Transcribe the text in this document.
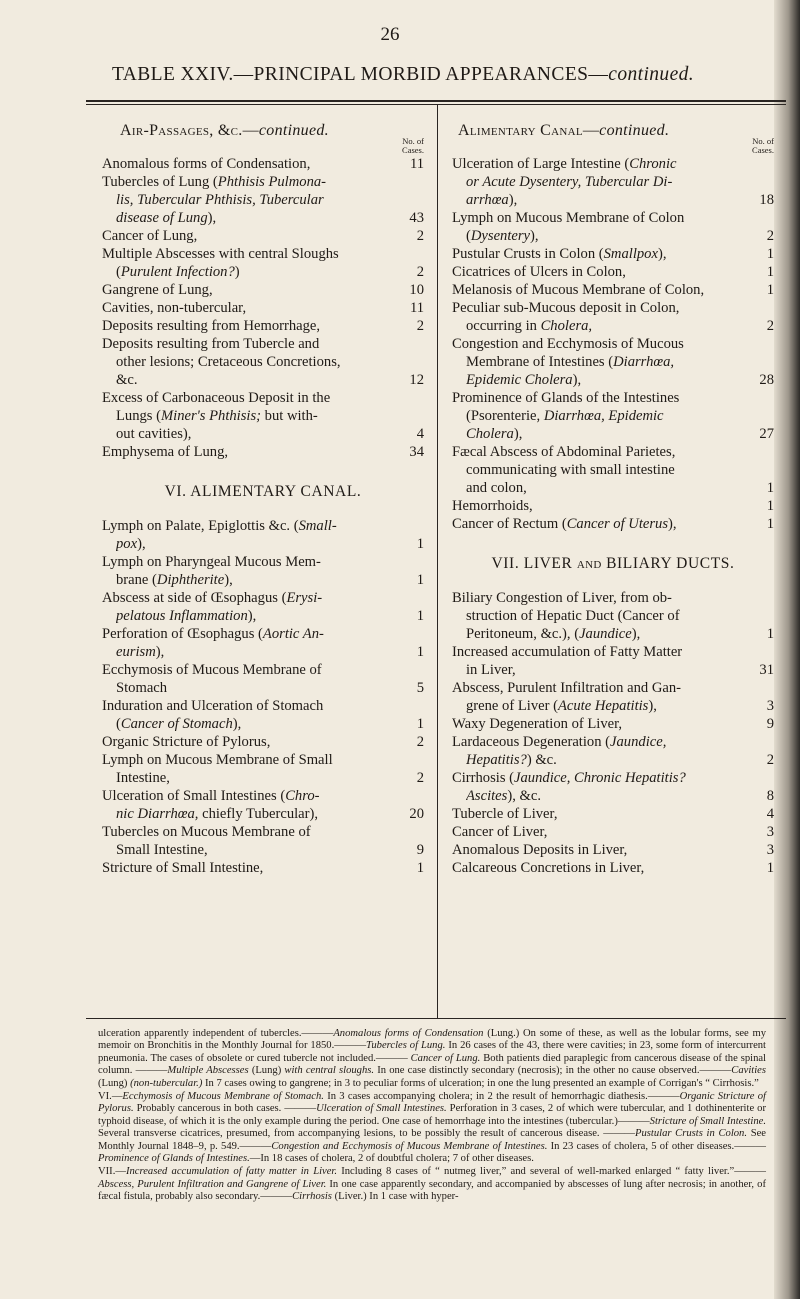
26
TABLE XXIV.—PRINCIPAL MORBID APPEARANCES—continued.
Air-Passages, &c.—continued.
No. of
Cases.
Anomalous forms of Condensation,	11
Tubercles of Lung (Phthisis Pulmona-
lis, Tubercular Phthisis, Tubercular
disease of Lung),	43
Cancer of Lung,	2
Multiple Abscesses with central Sloughs
(Purulent Infection?)	2
Gangrene of Lung,	10
Cavities, non-tubercular,	11
Deposits resulting from Hemorrhage,	2
Deposits resulting from Tubercle and
other lesions; Cretaceous Concretions,
&c.	12
Excess of Carbonaceous Deposit in the
Lungs (Miner's Phthisis; but with-
out cavities),	4
Emphysema of Lung,	34
VI. ALIMENTARY CANAL.
Lymph on Palate, Epiglottis &c. (Small-
pox),	1
Lymph on Pharyngeal Mucous Mem-
brane (Diphtherite),	1
Abscess at side of Œsophagus (Erysi-
pelatous Inflammation),	1
Perforation of Œsophagus (Aortic An-
eurism),	1
Ecchymosis of Mucous Membrane of
Stomach	5
Induration and Ulceration of Stomach
(Cancer of Stomach),	1
Organic Stricture of Pylorus,	2
Lymph on Mucous Membrane of Small
Intestine,	2
Ulceration of Small Intestines (Chro-
nic Diarrhœa, chiefly Tubercular),	20
Tubercles on Mucous Membrane of
Small Intestine,	9
Stricture of Small Intestine,	1
Alimentary Canal—continued.
No. of
Cases.
Ulceration of Large Intestine (Chronic
or Acute Dysentery, Tubercular Di-
arrhœa),	18
Lymph on Mucous Membrane of Colon
(Dysentery),	2
Pustular Crusts in Colon (Smallpox),	1
Cicatrices of Ulcers in Colon,	1
Melanosis of Mucous Membrane of Colon,	1
Peculiar sub-Mucous deposit in Colon,
occurring in Cholera,	2
Congestion and Ecchymosis of Mucous
Membrane of Intestines (Diarrhœa,
Epidemic Cholera),	28
Prominence of Glands of the Intestines
(Psorenterie, Diarrhœa, Epidemic
Cholera),	27
Fæcal Abscess of Abdominal Parietes,
communicating with small intestine
and colon,	1
Hemorrhoids,	1
Cancer of Rectum (Cancer of Uterus),	1
VII. LIVER AND BILIARY DUCTS.
Biliary Congestion of Liver, from ob-
struction of Hepatic Duct (Cancer of
Peritoneum, &c.), (Jaundice),	1
Increased accumulation of Fatty Matter
in Liver,	31
Abscess, Purulent Infiltration and Gan-
grene of Liver (Acute Hepatitis),	3
Waxy Degeneration of Liver,	9
Lardaceous Degeneration (Jaundice,
Hepatitis?) &c.	2
Cirrhosis (Jaundice, Chronic Hepatitis?
Ascites), &c.	8
Tubercle of Liver,	4
Cancer of Liver,	3
Anomalous Deposits in Liver,	3
Calcareous Concretions in Liver,	1

ulceration apparently independent of tubercles.———Anomalous forms of Condensation (Lung.) On some of these, as well as the lobular forms, see my memoir on Bronchitis in the Monthly Journal for 1850.———Tubercles of Lung. In 26 cases of the 43, there were cavities; in 23, some form of intercurrent pneumonia. The cases of obsolete or cured tubercle not included.——— Cancer of Lung. Both patients died paraplegic from cancerous disease of the spinal column. ———Multiple Abscesses (Lung) with central sloughs. In one case distinctly secondary (necrosis); in the other no cause observed.———Cavities (Lung) (non-tubercular.) In 7 cases owing to gangrene; in 3 to peculiar forms of ulceration; in one the lung presented an example of Corrigan's “ Cirrhosis.”

VI.—Ecchymosis of Mucous Membrane of Stomach. In 3 cases accompanying cholera; in 2 the result of hemorrhagic diathesis.———Organic Stricture of Pylorus. Probably cancerous in both cases. ———Ulceration of Small Intestines. Perforation in 3 cases, 2 of which were tubercular, and 1 dothinenterite or typhoid disease, of which it is the only example during the period. One case of hemorrhage into the intestines (tubercular.)———Stricture of Small Intestine. Several transverse cicatrices, presumed, from accompanying lesions, to be possibly the result of cancerous disease. ———Pustular Crusts in Colon. See Monthly Journal 1848–9, p. 549.———Congestion and Ecchymosis of Mucous Membrane of Intestines. In 23 cases of cholera, 5 of other diseases.———Prominence of Glands of Intestines.—In 18 cases of cholera, 2 of doubtful cholera; 7 of other diseases.

VII.—Increased accumulation of fatty matter in Liver. Including 8 cases of “ nutmeg liver,” and several of well-marked enlarged “ fatty liver.”———Abscess, Purulent Infiltration and Gangrene of Liver. In one case apparently secondary, and accompanied by abscesses of lung after necrosis; in another, of fæcal fistula, probably also secondary.———Cirrhosis (Liver.) In 1 case with hyper-
